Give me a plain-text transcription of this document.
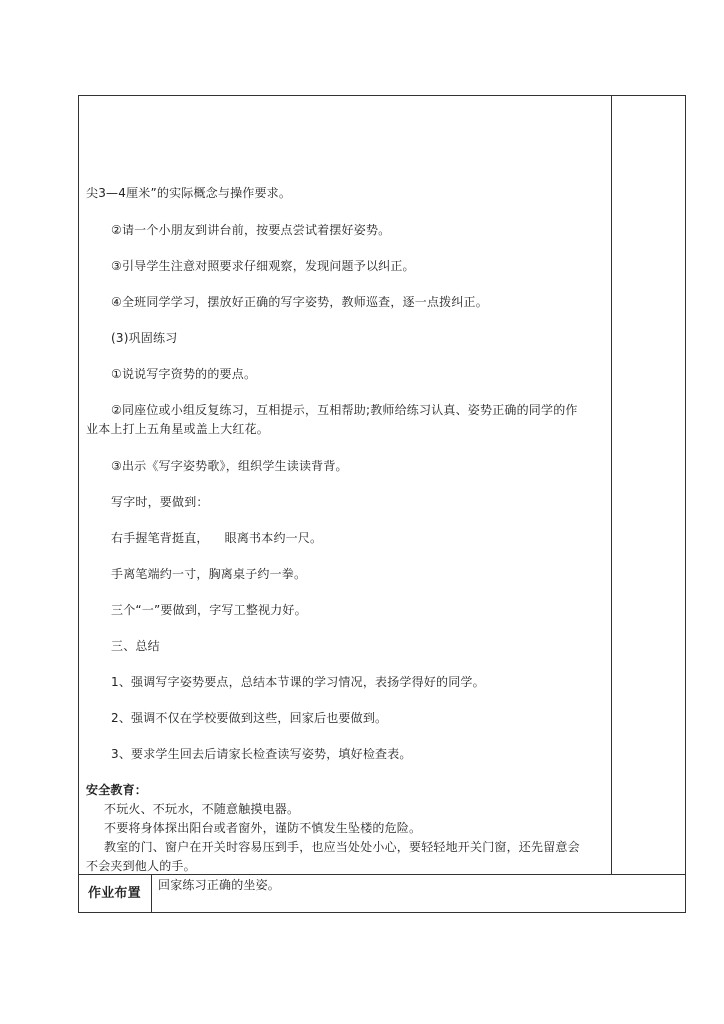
尖3—4厘米”的实际概念与操作要求。
②请一个小朋友到讲台前，按要点尝试着摆好姿势。
③引导学生注意对照要求仔细观察，发现问题予以纠正。
④全班同学学习，摆放好正确的写字姿势，教师巡查，逐一点拨纠正。
(3)巩固练习
①说说写字资势的的要点。
②同座位或小组反复练习，互相提示，互相帮助;教师给练习认真、姿势正确的同学的作
业本上打上五角星或盖上大红花。
③出示《写字姿势歌》，组织学生读读背背。
写字时，要做到：
右手握笔背挺直，    眼离书本约一尺。
手离笔端约一寸，胸离桌子约一拳。
三个“一”要做到，字写工整视力好。
三、总结
1、强调写字姿势要点，总结本节课的学习情况，表扬学得好的同学。
2、强调不仅在学校要做到这些，回家后也要做到。
3、要求学生回去后请家长检查读写姿势，填好检查表。
安全教育：
不玩火、不玩水，不随意触摸电器。
不要将身体探出阳台或者窗外，谨防不慎发生坠楼的危险。
教室的门、窗户在开关时容易压到手，也应当处处小心，要轻轻地开关门窗，还先留意会
不会夹到他人的手。
作业布置
回家练习正确的坐姿。
